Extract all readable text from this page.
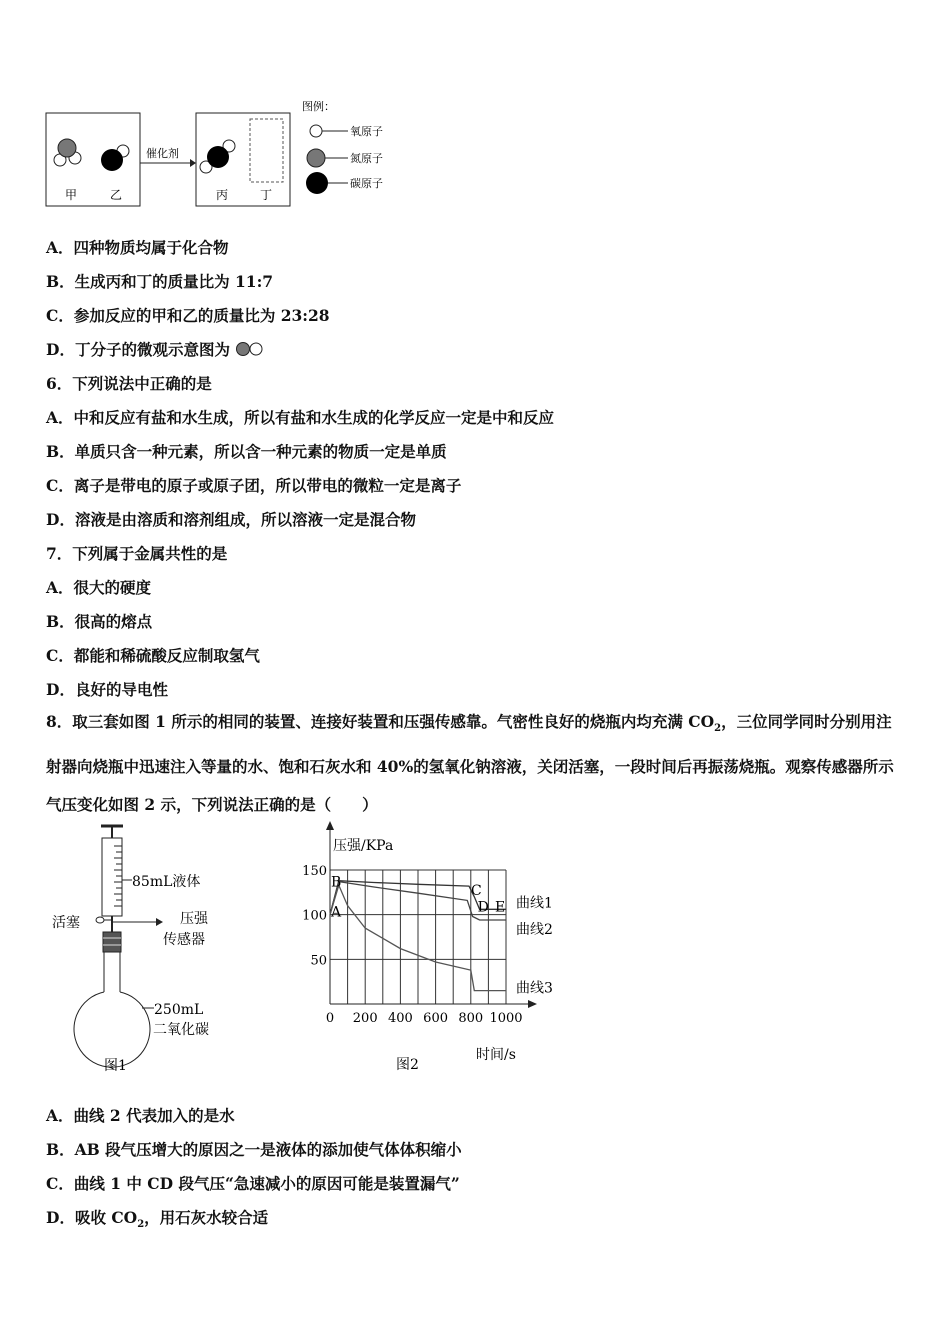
甲	乙
催化剂
丙	丁
图例：
氧原子
氮原子
碳原子
A．四种物质均属于化合物
B．生成丙和丁的质量比为 11:7
C．参加反应的甲和乙的质量比为 23:28
D．丁分子的微观示意图为
6．下列说法中正确的是
A．中和反应有盐和水生成，所以有盐和水生成的化学反应一定是中和反应
B．单质只含一种元素，所以含一种元素的物质一定是单质
C．离子是带电的原子或原子团，所以带电的微粒一定是离子
D．溶液是由溶质和溶剂组成，所以溶液一定是混合物
7．下列属于金属共性的是
A．很大的硬度
B．很高的熔点
C．都能和稀硫酸反应制取氢气
D．良好的导电性
8．取三套如图 1 所示的相同的装置、连接好装置和压强传感靠。气密性良好的烧瓶内均充满 $CO_2$，三位同学同时分别用注射器向烧瓶中迅速注入等量的水、饱和石灰水和 40%的氢氧化钠溶液，关闭活塞，一段时间后再振荡烧瓶。观察传感器所示气压变化如图 2 示，下列说法正确的是（　　）
85mL液体
活塞	压强
传感器
250mL
二氧化碳
图1
压强/KPa
时间/s
图2
0 200 400 600 800 1000
50
100
150
A
B
C
D E 曲线1
曲线2
曲线3
A．曲线 2 代表加入的是水
B．AB 段气压增大的原因之一是液体的添加使气体体积缩小
C．曲线 1 中 CD 段气压“急速减小的原因可能是装置漏气”
D．吸收 $CO_2$，用石灰水较合适
